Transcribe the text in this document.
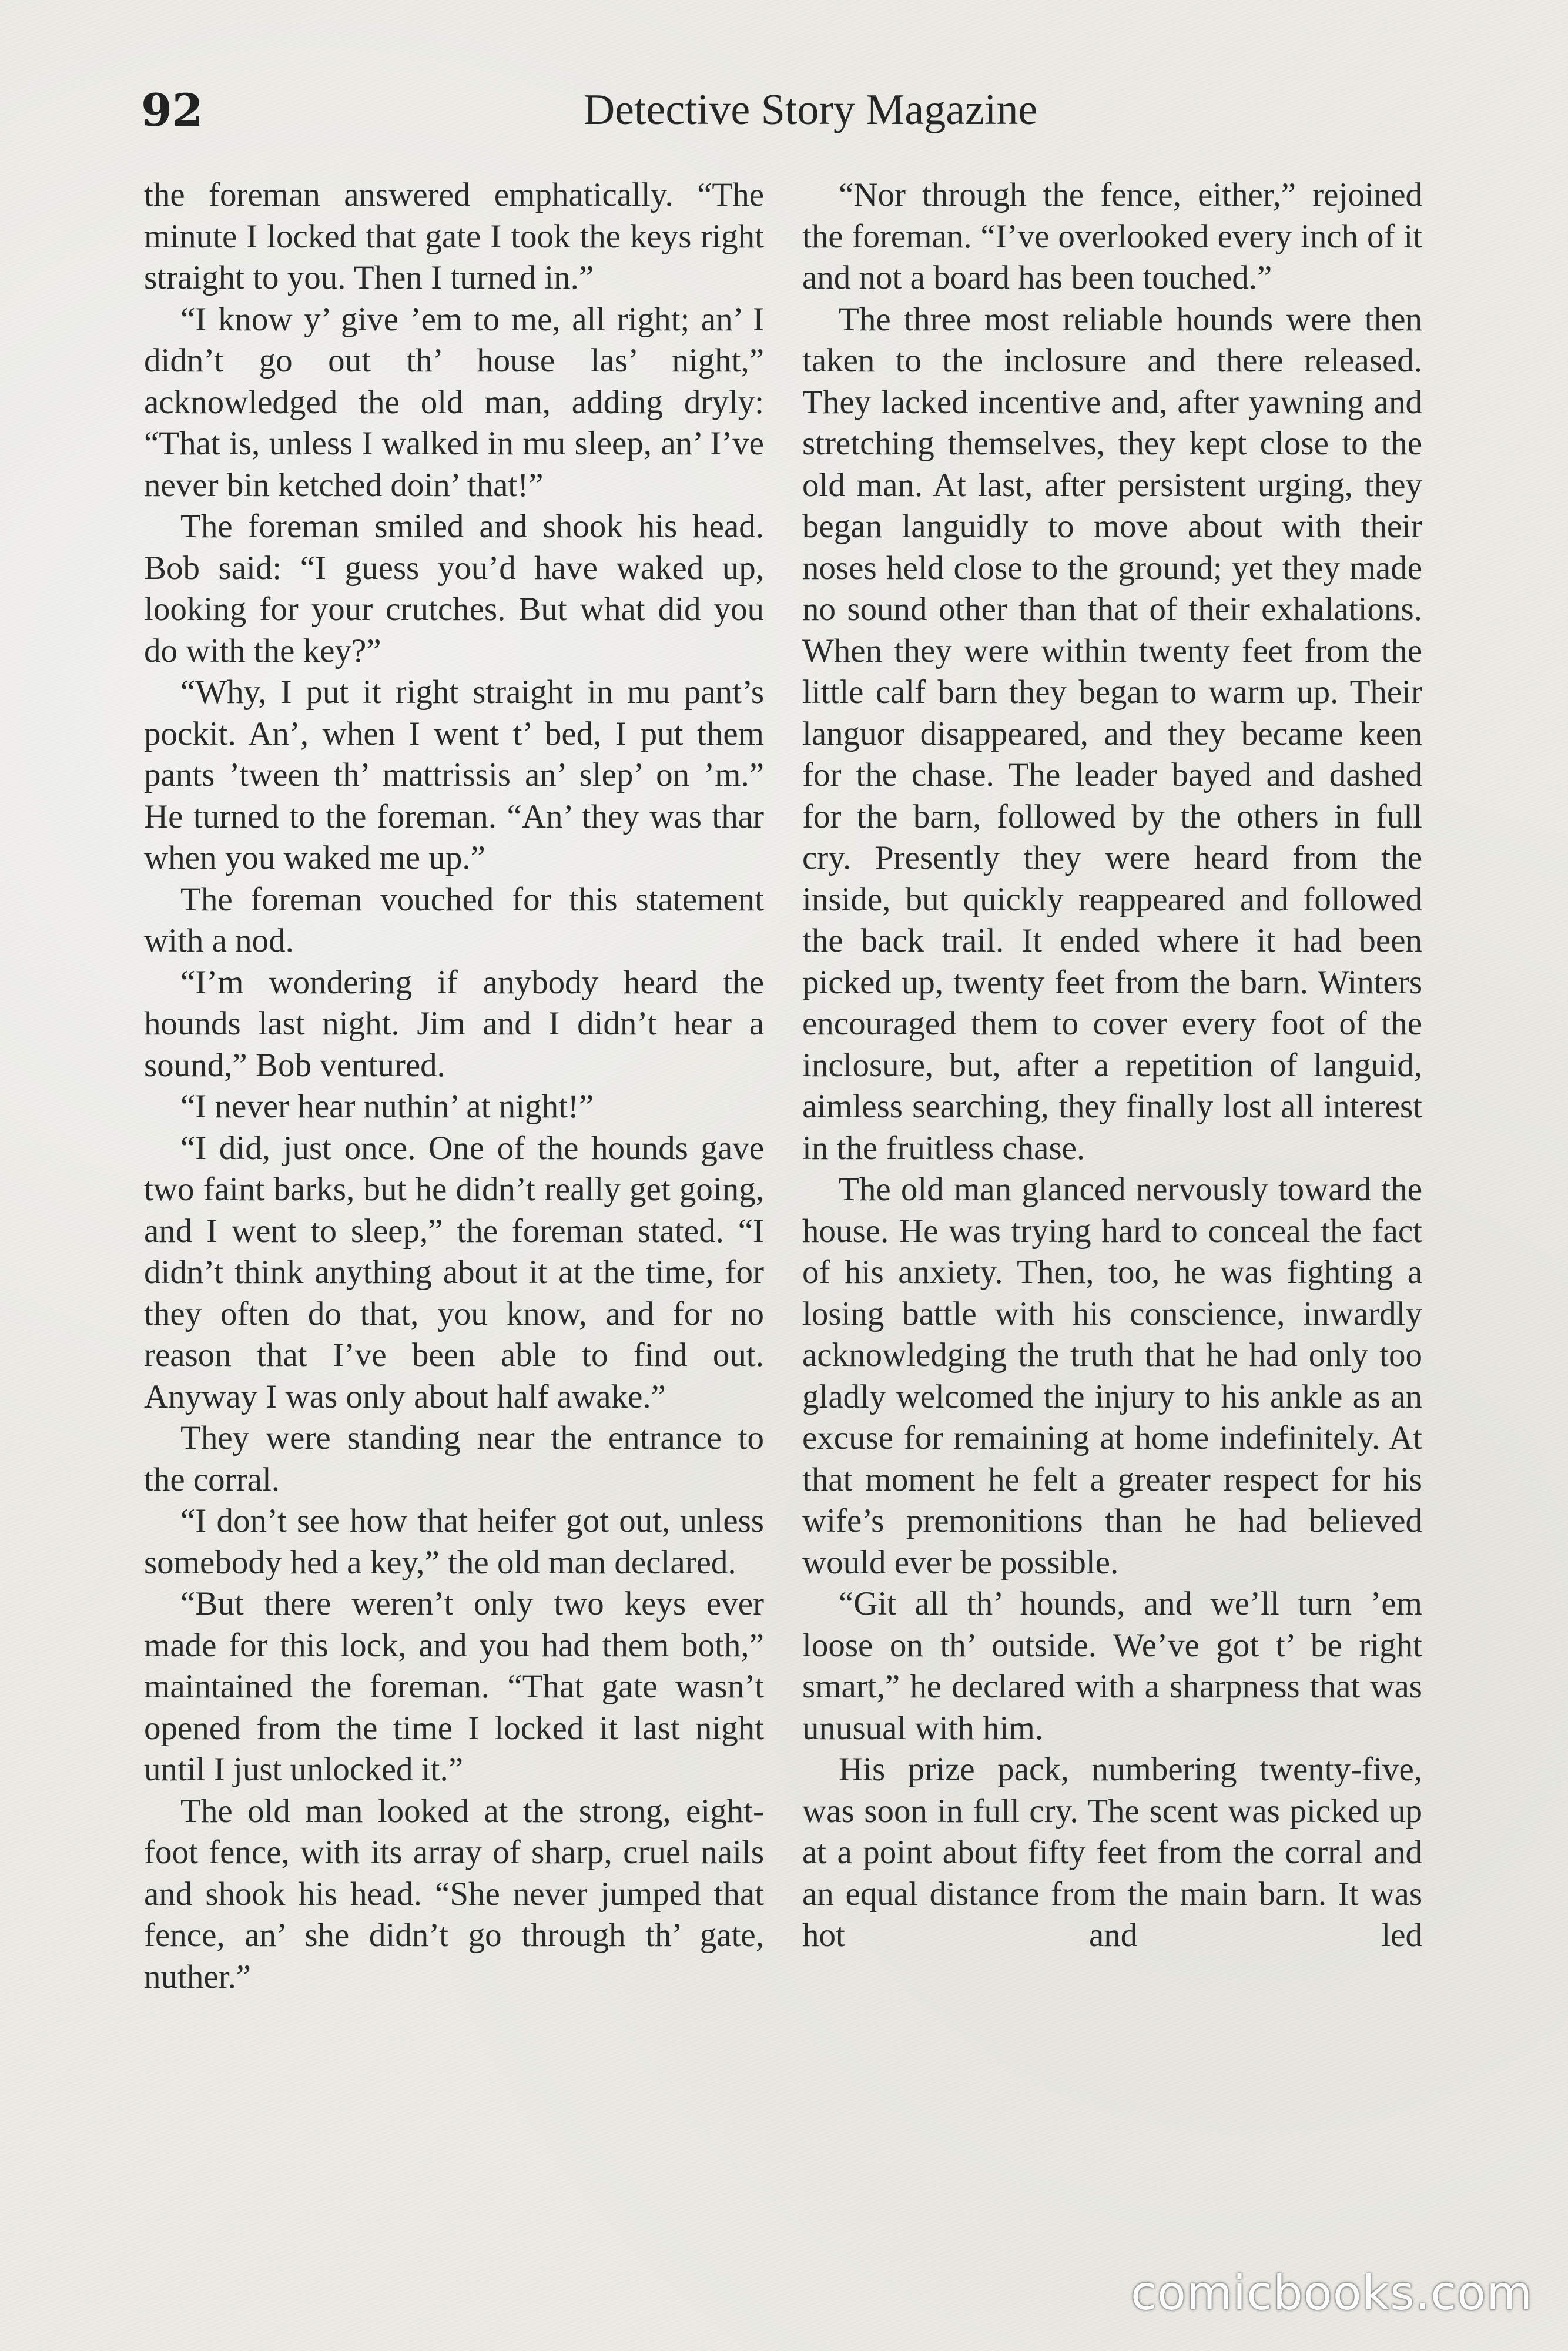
92	Detective Story Magazine

the foreman answered emphatically. “The minute I locked that gate I took the keys right straight to you. Then I turned in.”

“I know y’ give ’em to me, all right; an’ I didn’t go out th’ house las’ night,” acknowledged the old man, adding dryly: “That is, unless I walked in mu sleep, an’ I’ve never bin ketched doin’ that!”

The foreman smiled and shook his head. Bob said: “I guess you’d have waked up, looking for your crutches. But what did you do with the key?”

“Why, I put it right straight in mu pant’s pockit. An’, when I went t’ bed, I put them pants ’tween th’ mattrissis an’ slep’ on ’m.” He turned to the foreman. “An’ they was thar when you waked me up.”

The foreman vouched for this statement with a nod.

“I’m wondering if anybody heard the hounds last night. Jim and I didn’t hear a sound,” Bob ventured.

“I never hear nuthin’ at night!”

“I did, just once. One of the hounds gave two faint barks, but he didn’t really get going, and I went to sleep,” the foreman stated. “I didn’t think anything about it at the time, for they often do that, you know, and for no reason that I’ve been able to find out. Anyway I was only about half awake.”

They were standing near the entrance to the corral.

“I don’t see how that heifer got out, unless somebody hed a key,” the old man declared.

“But there weren’t only two keys ever made for this lock, and you had them both,” maintained the foreman. “That gate wasn’t opened from the time I locked it last night until I just unlocked it.”

The old man looked at the strong, eight-foot fence, with its array of sharp, cruel nails and shook his head. “She never jumped that fence, an’ she didn’t go through th’ gate, nuther.”

“Nor through the fence, either,” rejoined the foreman. “I’ve overlooked every inch of it and not a board has been touched.”

The three most reliable hounds were then taken to the inclosure and there released. They lacked incentive and, after yawning and stretching themselves, they kept close to the old man. At last, after persistent urging, they began languidly to move about with their noses held close to the ground; yet they made no sound other than that of their exhalations. When they were within twenty feet from the little calf barn they began to warm up. Their languor disappeared, and they became keen for the chase. The leader bayed and dashed for the barn, followed by the others in full cry. Presently they were heard from the inside, but quickly reappeared and followed the back trail. It ended where it had been picked up, twenty feet from the barn. Winters encouraged them to cover every foot of the inclosure, but, after a repetition of languid, aimless searching, they finally lost all interest in the fruitless chase.

The old man glanced nervously toward the house. He was trying hard to conceal the fact of his anxiety. Then, too, he was fighting a losing battle with his conscience, inwardly acknowledging the truth that he had only too gladly welcomed the injury to his ankle as an excuse for remaining at home indefinitely. At that moment he felt a greater respect for his wife’s premonitions than he had believed would ever be possible.

“Git all th’ hounds, and we’ll turn ’em loose on th’ outside. We’ve got t’ be right smart,” he declared with a sharpness that was unusual with him.

His prize pack, numbering twenty-five, was soon in full cry. The scent was picked up at a point about fifty feet from the corral and an equal distance from the main barn. It was hot and led

comicbooks.com
